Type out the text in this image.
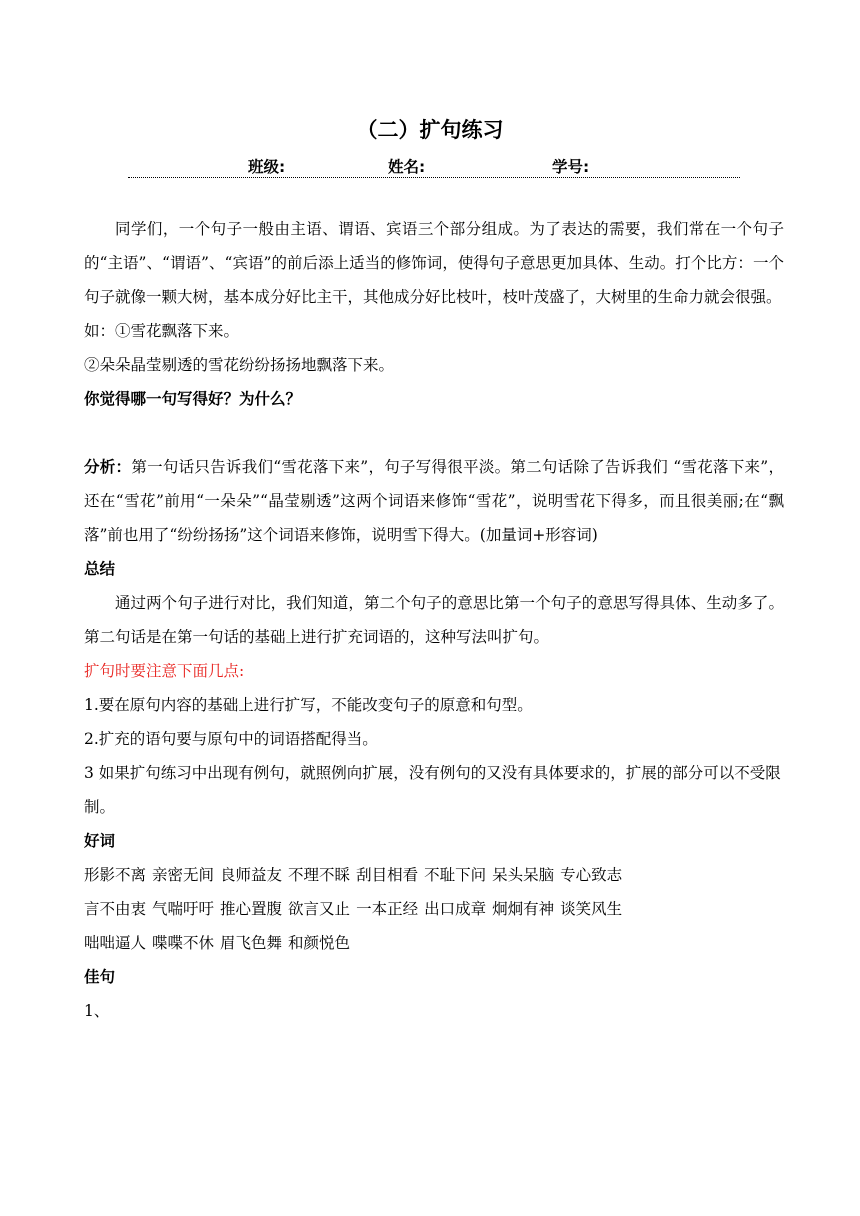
（二）扩句练习
班级:	姓名:	学号:

同学们，一个句子一般由主语、谓语、宾语三个部分组成。为了表达的需要，我们常在一个句子的“主语”、“谓语”、“宾语”的前后添上适当的修饰词，使得句子意思更加具体、生动。打个比方：一个句子就像一颗大树，基本成分好比主干，其他成分好比枝叶，枝叶茂盛了，大树里的生命力就会很强。

如：①雪花飘落下来。

②朵朵晶莹剔透的雪花纷纷扬扬地飘落下来。

你觉得哪一句写得好？为什么？

分析：第一句话只告诉我们“雪花落下来”，句子写得很平淡。第二句话除了告诉我们 “雪花落下来”，还在“雪花”前用“一朵朵”“晶莹剔透”这两个词语来修饰“雪花”，说明雪花下得多，而且很美丽;在“飘落”前也用了“纷纷扬扬”这个词语来修饰，说明雪下得大。(加量词+形容词)

总结

通过两个句子进行对比，我们知道，第二个句子的意思比第一个句子的意思写得具体、生动多了。第二句话是在第一句话的基础上进行扩充词语的，这种写法叫扩句。

扩句时要注意下面几点:

1.要在原句内容的基础上进行扩写，不能改变句子的原意和句型。

2.扩充的语句要与原句中的词语搭配得当。

3 如果扩句练习中出现有例句，就照例向扩展，没有例句的又没有具体要求的，扩展的部分可以不受限制。

好词

形影不离 亲密无间 良师益友 不理不睬 刮目相看 不耻下问 呆头呆脑 专心致志

言不由衷 气喘吁吁 推心置腹 欲言又止 一本正经 出口成章 炯炯有神 谈笑风生

咄咄逼人 喋喋不休 眉飞色舞 和颜悦色

佳句

1、
